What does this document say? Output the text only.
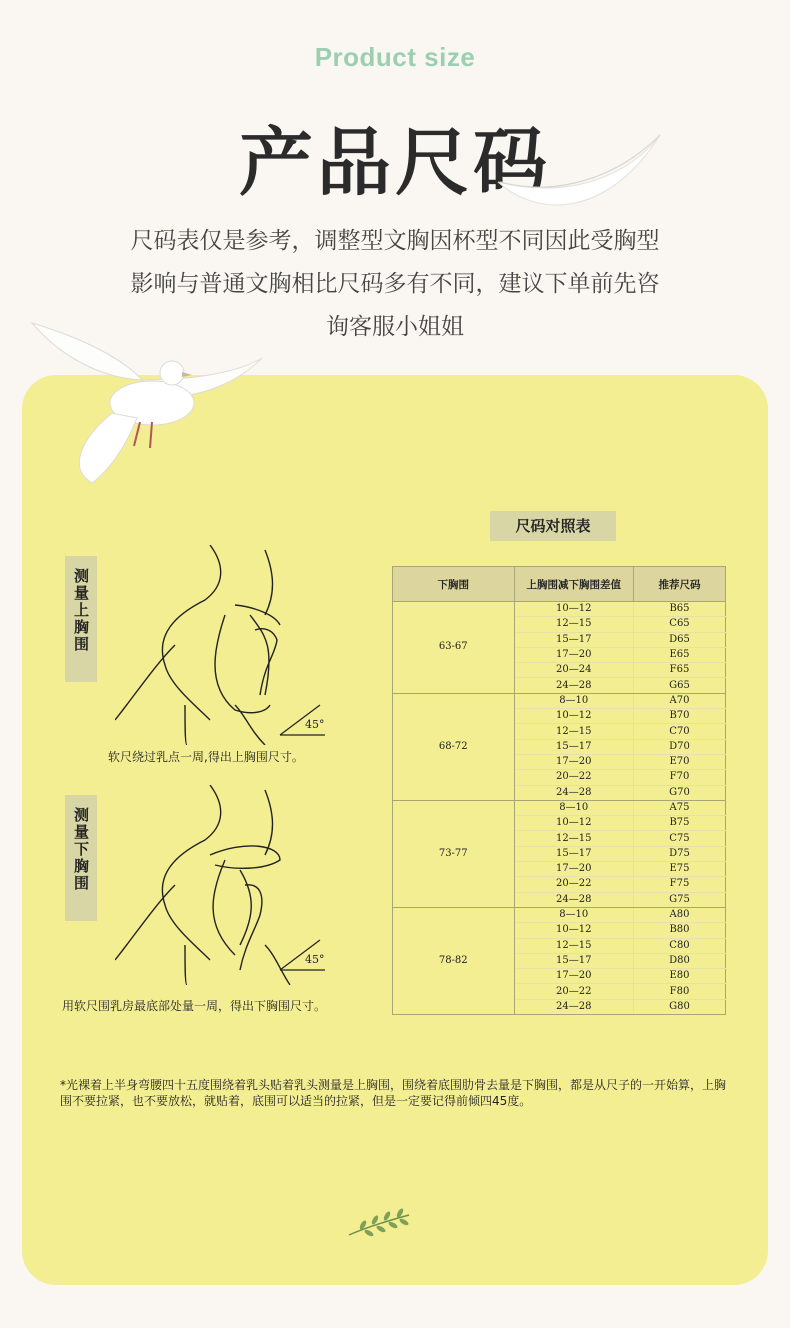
Product size
产品尺码
尺码表仅是参考，调整型文胸因杯型不同因此受胸型
影响与普通文胸相比尺码多有不同，建议下单前先咨
询客服小姐姐
尺码对照表
测量上胸围
45°
软尺绕过乳点一周,得出上胸围尺寸。
测量下胸围
45°
用软尺围乳房最底部处量一周，得出下胸围尺寸。
下胸围	上胸围减下胸围差值	推荐尺码
63-67	10—12	B65
	12—15	C65
	15—17	D65
	17—20	E65
	20—24	F65
	24—28	G65
68-72	8—10	A70
	10—12	B70
	12—15	C70
	15—17	D70
	17—20	E70
	20—22	F70
	24—28	G70
73-77	8—10	A75
	10—12	B75
	12—15	C75
	15—17	D75
	17—20	E75
	20—22	F75
	24—28	G75
78-82	8—10	A80
	10—12	B80
	12—15	C80
	15—17	D80
	17—20	E80
	20—22	F80
	24—28	G80
*光裸着上半身弯腰四十五度围绕着乳头贴着乳头测量是上胸围，围绕着底围肋骨去量是下胸围，都是从尺子的一开始算，上胸围不要拉紧，也不要放松，就贴着，底围可以适当的拉紧，但是一定要记得前倾四45度。
